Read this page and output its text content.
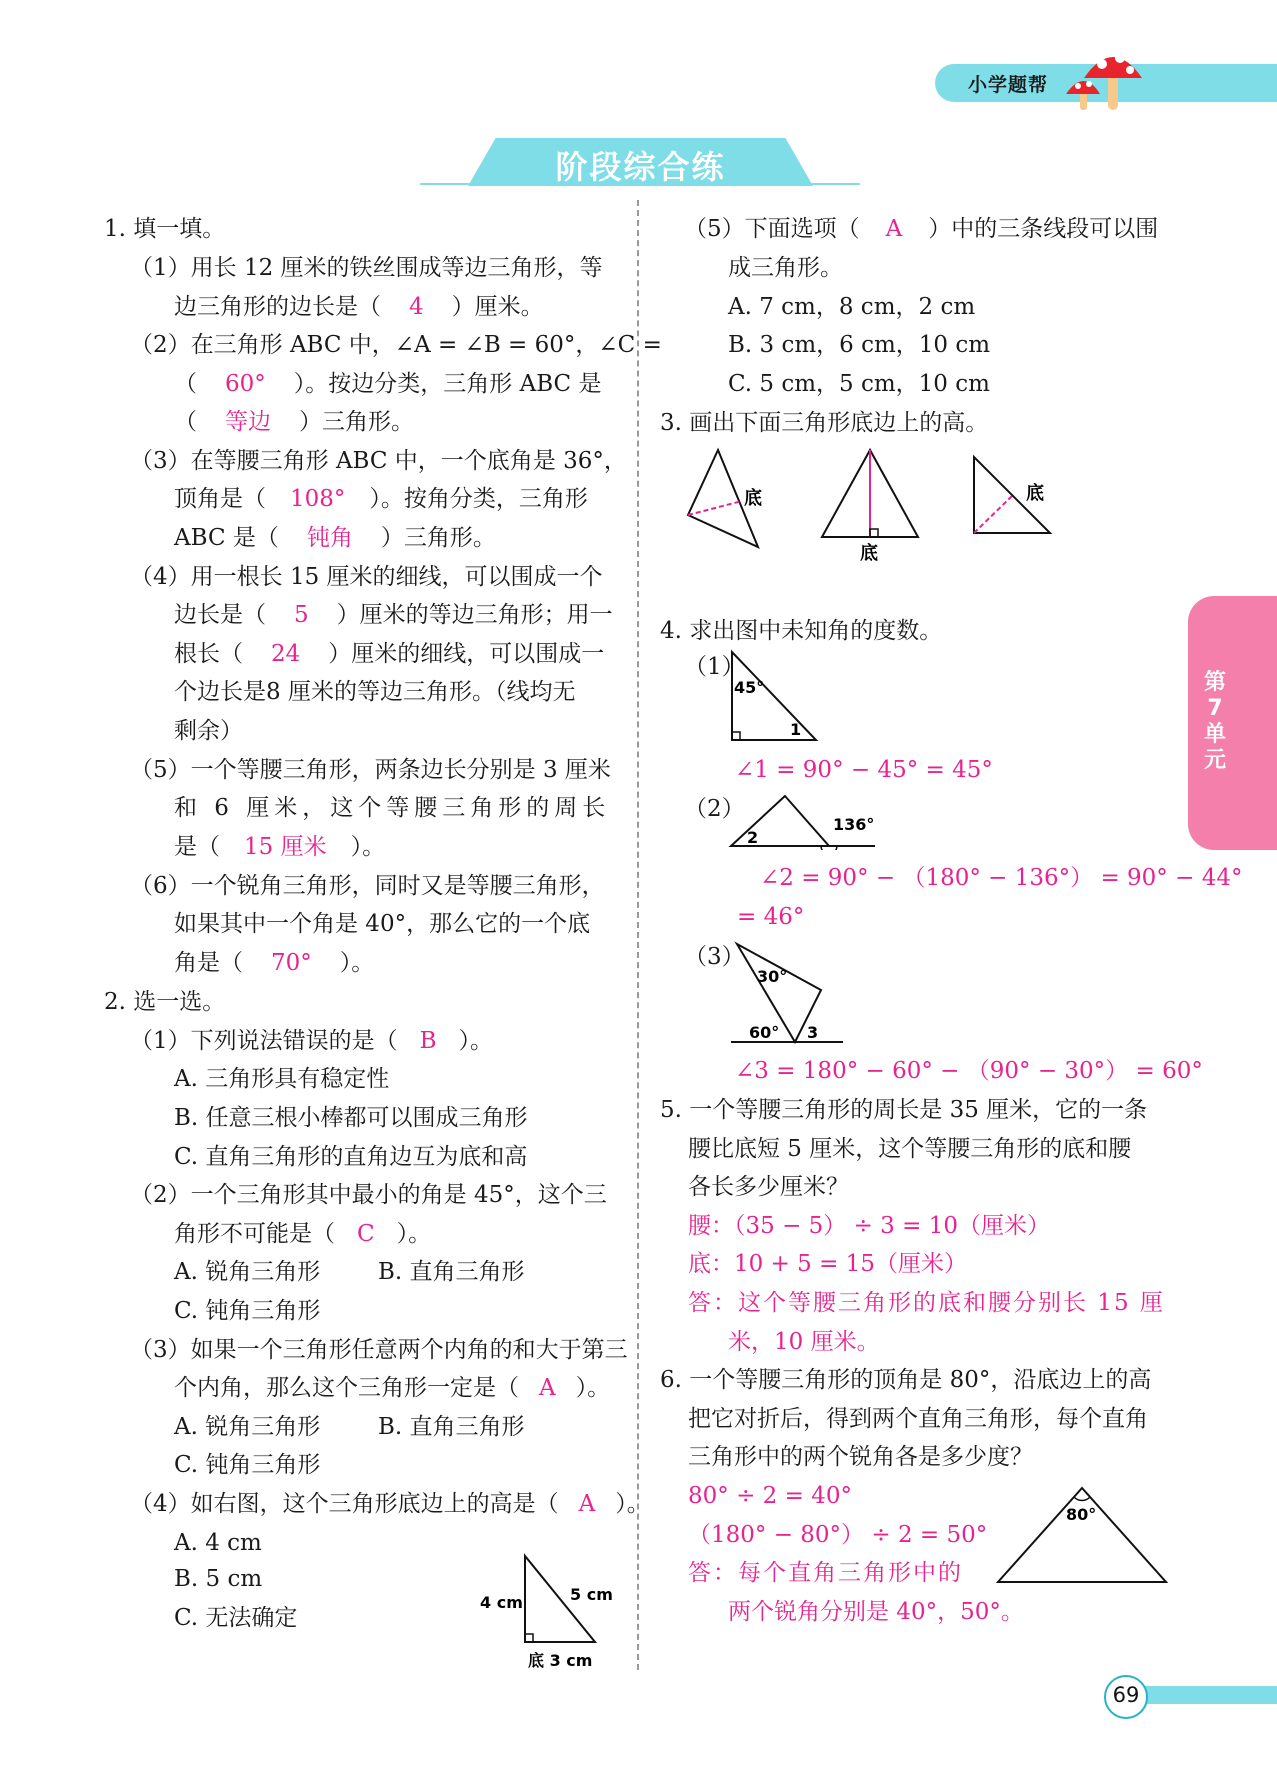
小学题帮
阶段综合练
第
7
单
元
69
1. 填一填。
（1）用长 12 厘米的铁丝围成等边三角形，等
边三角形的边长是（ 4 ）厘米。
（2）在三角形 ABC 中，∠A = ∠B = 60°，∠C =
（ 60° ）。按边分类，三角形 ABC 是
（ 等边 ）三角形。
（3）在等腰三角形 ABC 中，一个底角是 36°，
顶角是（ 108° ）。按角分类，三角形
ABC 是（ 钝角 ）三角形。
（4）用一根长 15 厘米的细线，可以围成一个
边长是（ 5 ）厘米的等边三角形；用一
根长（ 24 ）厘米的细线，可以围成一
个边长是8 厘米的等边三角形。（线均无
剩余）
（5）一个等腰三角形，两条边长分别是 3 厘米
和 6 厘米，这个等腰三角形的周长
是（ 15 厘米 ）。
（6）一个锐角三角形，同时又是等腰三角形，
如果其中一个角是 40°，那么它的一个底
角是（ 70° ）。
2. 选一选。
（1）下列说法错误的是（ B ）。
A. 三角形具有稳定性
B. 任意三根小棒都可以围成三角形
C. 直角三角形的直角边互为底和高
（2）一个三角形其中最小的角是 45°，这个三
角形不可能是（ C ）。
A. 锐角三角形	B. 直角三角形
C. 钝角三角形
（3）如果一个三角形任意两个内角的和大于第三
个内角，那么这个三角形一定是（ A ）。
A. 锐角三角形	B. 直角三角形
C. 钝角三角形
（4）如右图，这个三角形底边上的高是（ A ）。
A. 4 cm
B. 5 cm
C. 无法确定
4 cm	5 cm
底 3 cm
（5）下面选项（ A ）中的三条线段可以围
成三角形。
A. 7 cm，8 cm，2 cm
B. 3 cm，6 cm，10 cm
C. 5 cm，5 cm，10 cm
3. 画出下面三角形底边上的高。
底
底
底
4. 求出图中未知角的度数。
（1）
45°
1
∠1 = 90° − 45° = 45°
（2）
136°
2
∠2 = 90° − （180° − 136°） = 90° − 44°
= 46°
（3）
30°
60° 3
∠3 = 180° − 60° − （90° − 30°） = 60°
5. 一个等腰三角形的周长是 35 厘米，它的一条
腰比底短 5 厘米，这个等腰三角形的底和腰
各长多少厘米？
腰：（35 − 5） ÷ 3 = 10（厘米）
底：10 + 5 = 15（厘米）
答：这个等腰三角形的底和腰分别长 15 厘
米，10 厘米。
6. 一个等腰三角形的顶角是 80°，沿底边上的高
把它对折后，得到两个直角三角形，每个直角
三角形中的两个锐角各是多少度？
80° ÷ 2 = 40°
（180° − 80°） ÷ 2 = 50°
答：每个直角三角形中的
两个锐角分别是 40°，50°。
80°
